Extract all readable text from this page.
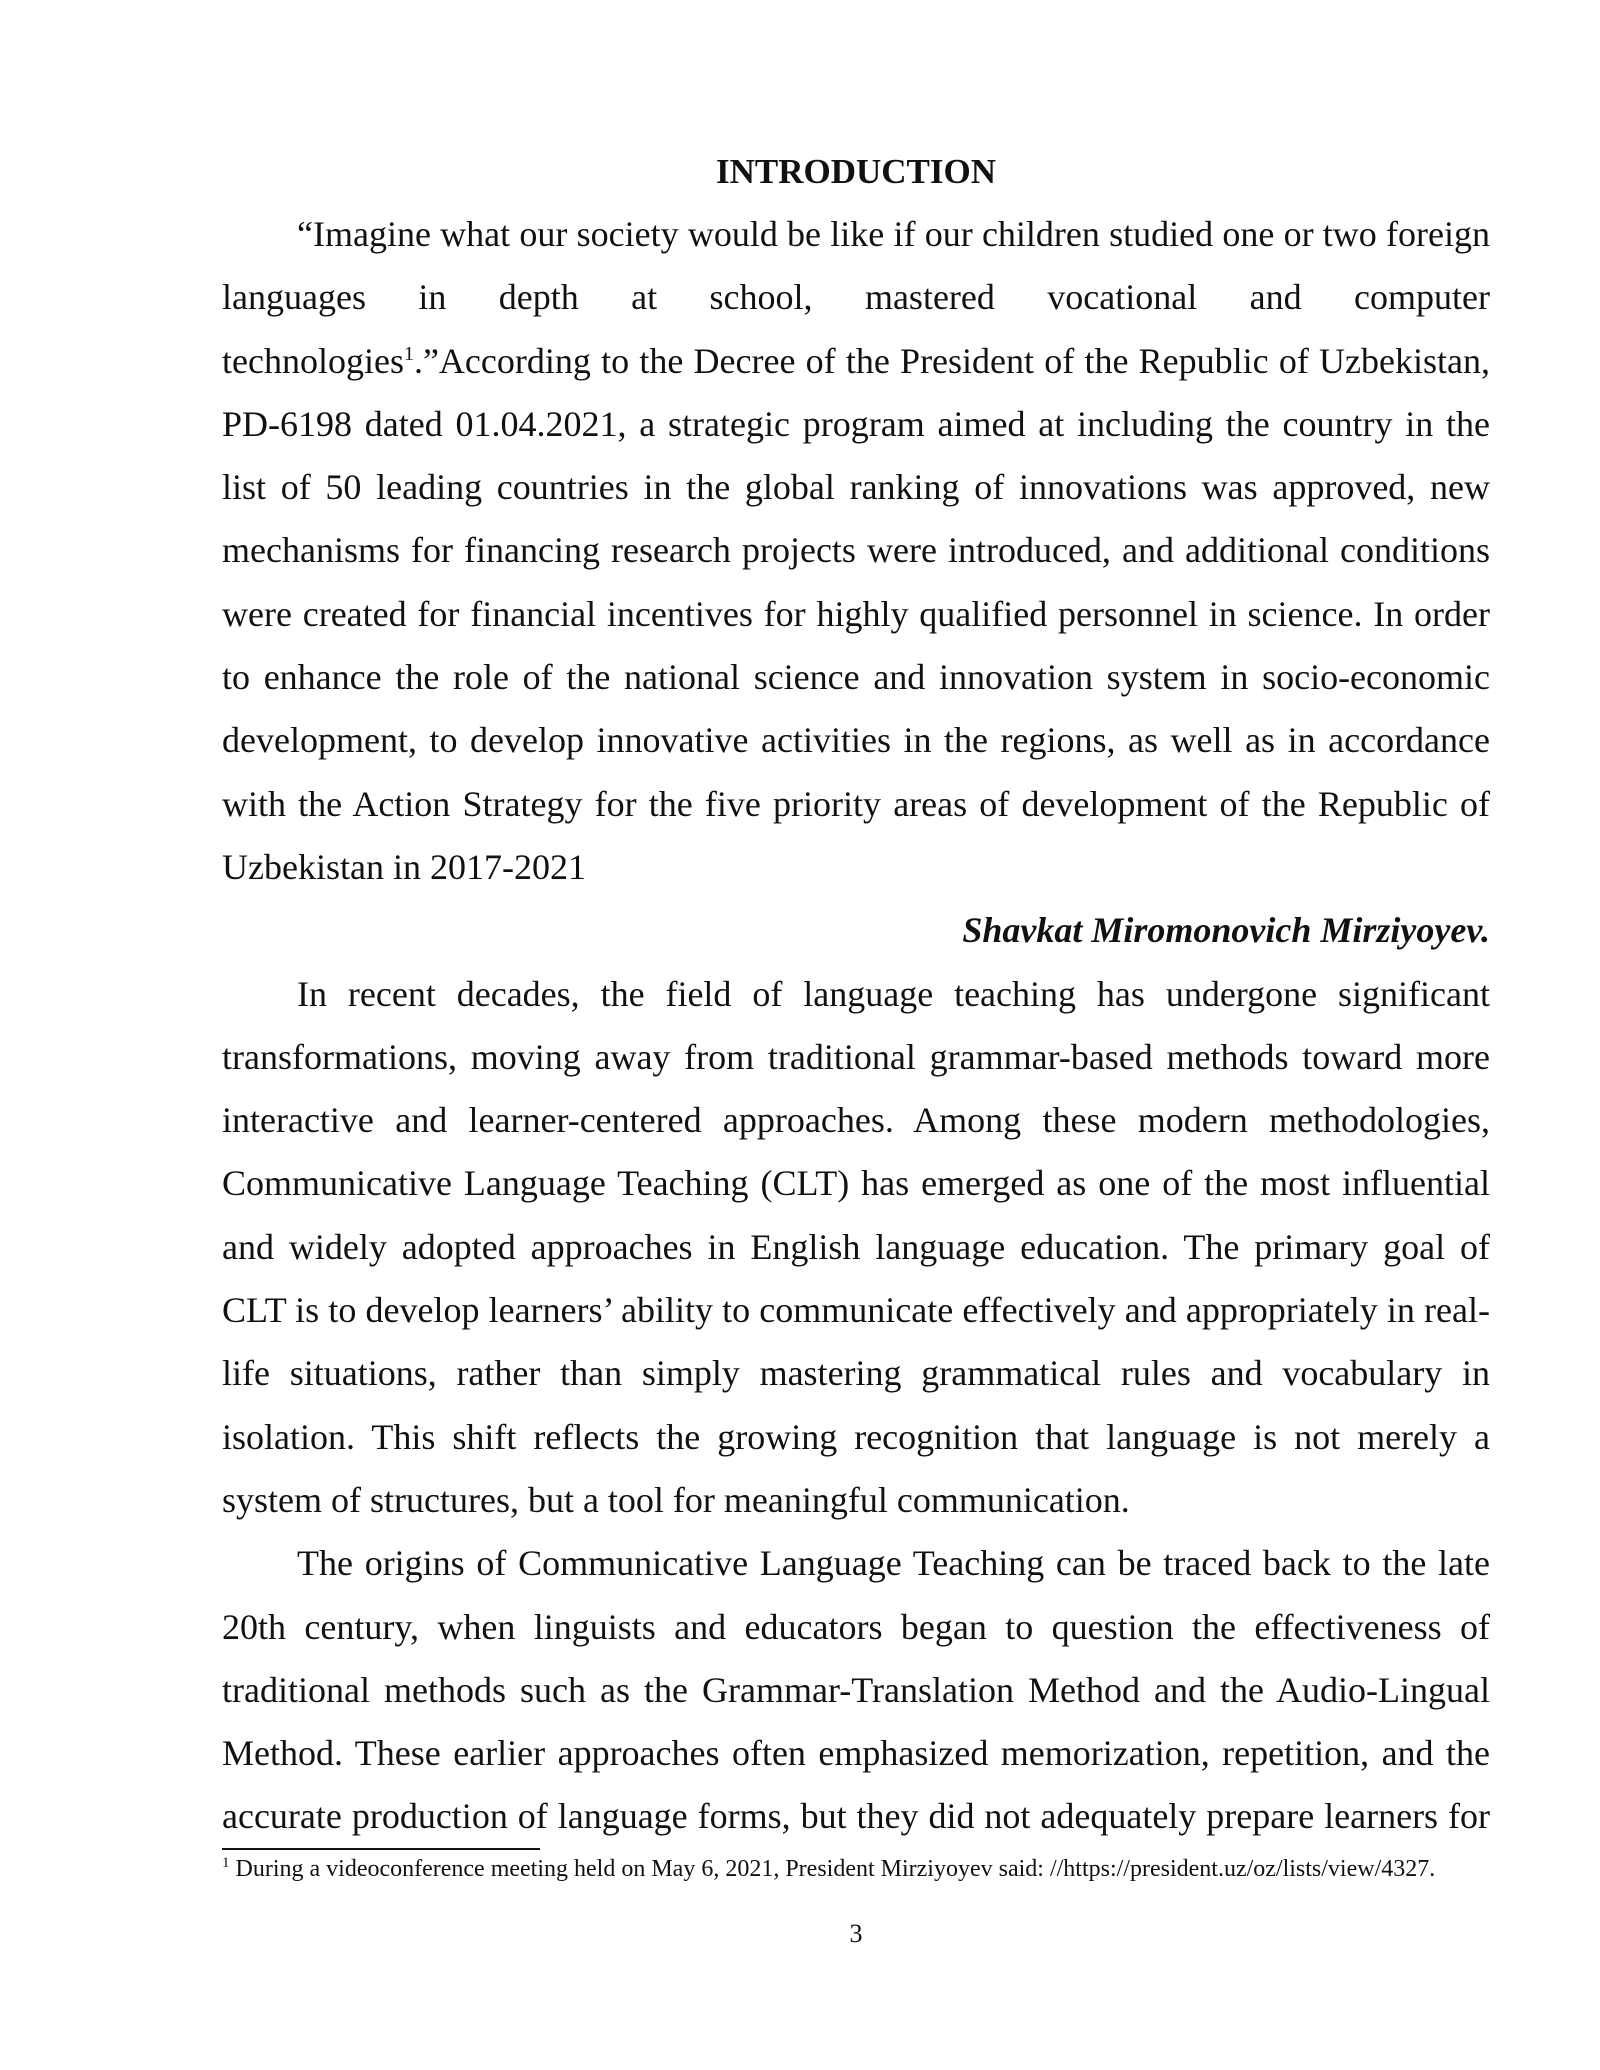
INTRODUCTION

“Imagine what our society would be like if our children studied one or two foreign languages in depth at school, mastered vocational and computer technologies$^1$.”According to the Decree of the President of the Republic of Uzbekistan, PD-6198 dated 01.04.2021, a strategic program aimed at including the country in the list of 50 leading countries in the global ranking of innovations was approved, new mechanisms for financing research projects were introduced, and additional conditions were created for financial incentives for highly qualified personnel in science. In order to enhance the role of the national science and innovation system in socio-economic development, to develop innovative activities in the regions, as well as in accordance with the Action Strategy for the five priority areas of development of the Republic of Uzbekistan in 2017-2021

Shavkat Miromonovich Mirziyoyev.

In recent decades, the field of language teaching has undergone significant transformations, moving away from traditional grammar-based methods toward more interactive and learner-centered approaches. Among these modern methodologies, Communicative Language Teaching (CLT) has emerged as one of the most influential and widely adopted approaches in English language education. The primary goal of CLT is to develop learners’ ability to communicate effectively and appropriately in real-life situations, rather than simply mastering grammatical rules and vocabulary in isolation. This shift reflects the growing recognition that language is not merely a system of structures, but a tool for meaningful communication.

The origins of Communicative Language Teaching can be traced back to the late 20th century, when linguists and educators began to question the effectiveness of traditional methods such as the Grammar-Translation Method and the Audio-Lingual Method. These earlier approaches often emphasized memorization, repetition, and the accurate production of language forms, but they did not adequately prepare learners for

$^1$ During a videoconference meeting held on May 6, 2021, President Mirziyoyev said: //https://president.uz/oz/lists/view/4327.
3
